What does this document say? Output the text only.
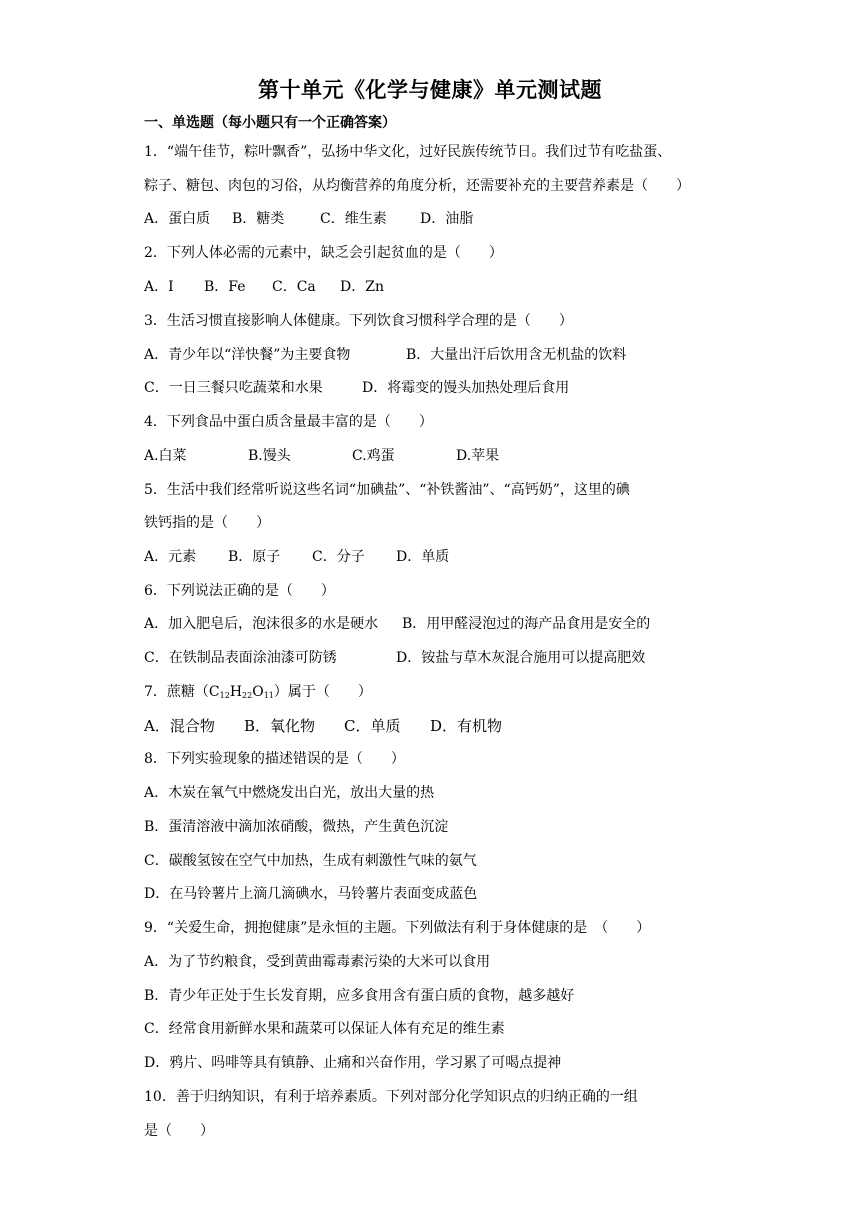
第十单元《化学与健康》单元测试题
一、单选题（每小题只有一个正确答案）
1．“端午佳节，粽叶飘香”，弘扬中华文化，过好民族传统节日。我们过节有吃盐蛋、
粽子、糖包、肉包的习俗，从均衡营养的角度分析，还需要补充的主要营养素是（　　）
A．蛋白质 B．糖类	C．维生素 D．油脂
2．下列人体必需的元素中，缺乏会引起贫血的是（　　）
A．I B．Fe C．Ca D．Zn
3．生活习惯直接影响人体健康。下列饮食习惯科学合理的是（　　）
A．青少年以“洋快餐”为主要食物	B．大量出汗后饮用含无机盐的饮料
C．一日三餐只吃蔬菜和水果	D．将霉变的馒头加热处理后食用
4．下列食品中蛋白质含量最丰富的是（　　）
A.白菜	B.馒头	C.鸡蛋	D.苹果
5．生活中我们经常听说这些名词“加碘盐”、“补铁酱油”、“高钙奶”，这里的碘
铁钙指的是（　　）
A．元素 B．原子 C．分子 D．单质
6．下列说法正确的是（　　）
A．加入肥皂后，泡沫很多的水是硬水 B．用甲醛浸泡过的海产品食用是安全的
C．在铁制品表面涂油漆可防锈	D．铵盐与草木灰混合施用可以提高肥效
7．蔗糖$(C_{12}H_{22}O_{11})$属于（　　）
A．混合物 B．氧化物 C．单质 D．有机物
8．下列实验现象的描述错误的是（　　）
A．木炭在氧气中燃烧发出白光，放出大量的热
B．蛋清溶液中滴加浓硝酸，微热，产生黄色沉淀
C．碳酸氢铵在空气中加热，生成有刺激性气味的氨气
D．在马铃薯片上滴几滴碘水，马铃薯片表面变成蓝色
9．“关爱生命，拥抱健康”是永恒的主题。下列做法有利于身体健康的是　（　　）
A．为了节约粮食，受到黄曲霉毒素污染的大米可以食用
B．青少年正处于生长发育期，应多食用含有蛋白质的食物，越多越好
C．经常食用新鲜水果和蔬菜可以保证人体有充足的维生素
D．鸦片、吗啡等具有镇静、止痛和兴奋作用，学习累了可喝点提神
10．善于归纳知识，有利于培养素质。下列对部分化学知识点的归纳正确的一组
是（　　）
